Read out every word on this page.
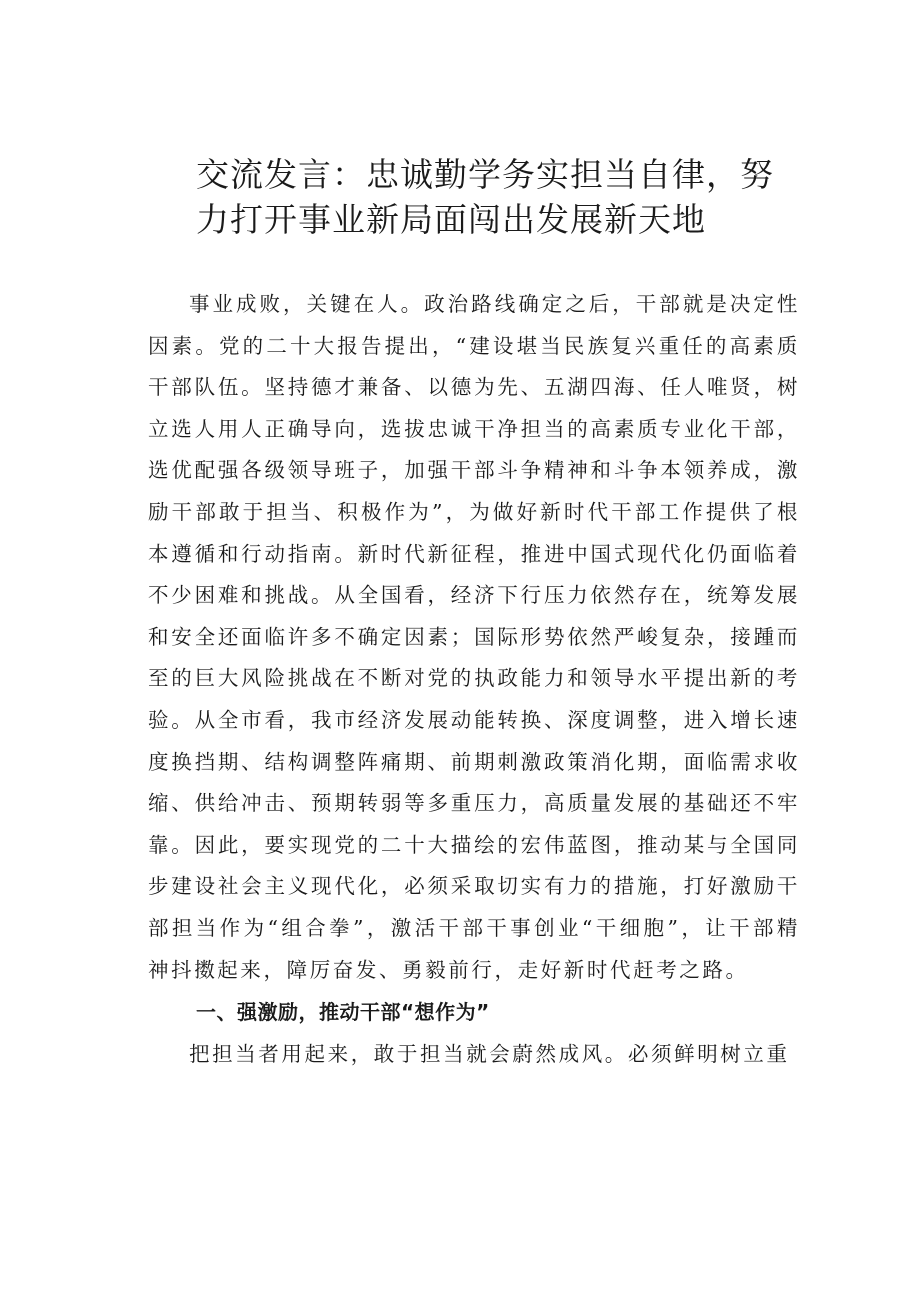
交流发言：忠诚勤学务实担当自律，努力打开事业新局面闯出发展新天地

事业成败，关键在人。政治路线确定之后，干部就是决定性因素。党的二十大报告提出，“建设堪当民族复兴重任的高素质干部队伍。坚持德才兼备、以德为先、五湖四海、任人唯贤，树立选人用人正确导向，选拔忠诚干净担当的高素质专业化干部，选优配强各级领导班子，加强干部斗争精神和斗争本领养成，激励干部敢于担当、积极作为”，为做好新时代干部工作提供了根本遵循和行动指南。新时代新征程，推进中国式现代化仍面临着不少困难和挑战。从全国看，经济下行压力依然存在，统筹发展和安全还面临许多不确定因素；国际形势依然严峻复杂，接踵而至的巨大风险挑战在不断对党的执政能力和领导水平提出新的考验。从全市看，我市经济发展动能转换、深度调整，进入增长速度换挡期、结构调整阵痛期、前期刺激政策消化期，面临需求收缩、供给冲击、预期转弱等多重压力，高质量发展的基础还不牢靠。因此，要实现党的二十大描绘的宏伟蓝图，推动某与全国同步建设社会主义现代化，必须采取切实有力的措施，打好激励干部担当作为“组合拳”，激活干部干事创业“干细胞”，让干部精神抖擞起来，障厉奋发、勇毅前行，走好新时代赶考之路。

一、强激励，推动干部“想作为”

把担当者用起来，敢于担当就会蔚然成风。必须鲜明树立重
